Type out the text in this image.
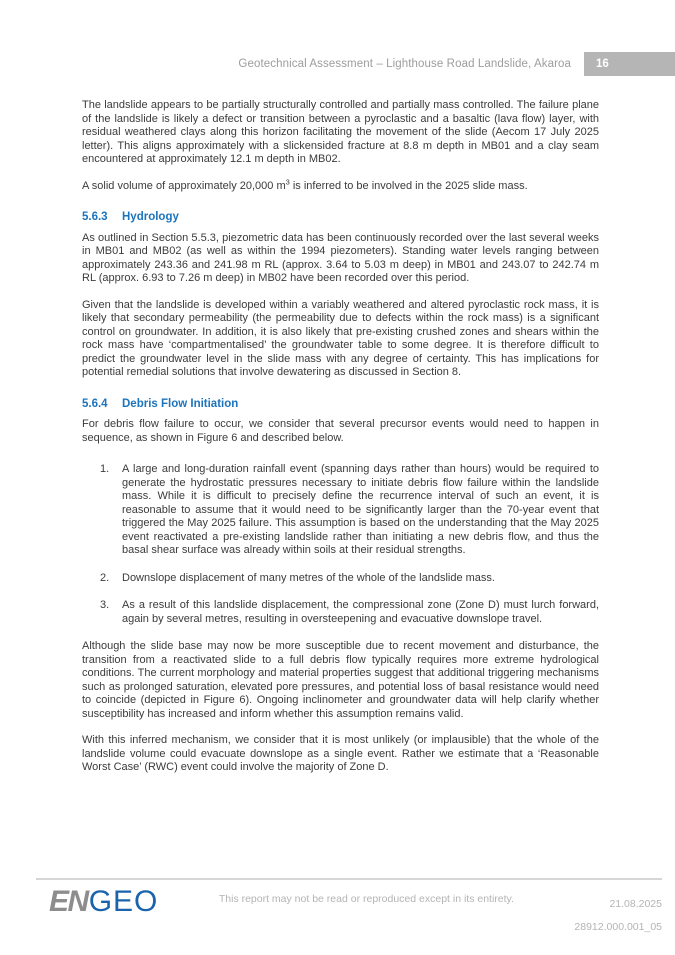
Geotechnical Assessment – Lighthouse Road Landslide, Akaroa	16

The landslide appears to be partially structurally controlled and partially mass controlled. The failure plane of the landslide is likely a defect or transition between a pyroclastic and a basaltic (lava flow) layer, with residual weathered clays along this horizon facilitating the movement of the slide (Aecom 17 July 2025 letter). This aligns approximately with a slickensided fracture at 8.8 m depth in MB01 and a clay seam encountered at approximately 12.1 m depth in MB02.

A solid volume of approximately 20,000 $m^3$ is inferred to be involved in the 2025 slide mass.

5.6.3	Hydrology

As outlined in Section 5.5.3, piezometric data has been continuously recorded over the last several weeks in MB01 and MB02 (as well as within the 1994 piezometers). Standing water levels ranging between approximately 243.36 and 241.98 m RL (approx. 3.64 to 5.03 m deep) in MB01 and 243.07 to 242.74 m RL (approx. 6.93 to 7.26 m deep) in MB02 have been recorded over this period.

Given that the landslide is developed within a variably weathered and altered pyroclastic rock mass, it is likely that secondary permeability (the permeability due to defects within the rock mass) is a significant control on groundwater. In addition, it is also likely that pre-existing crushed zones and shears within the rock mass have ‘compartmentalised’ the groundwater table to some degree. It is therefore difficult to predict the groundwater level in the slide mass with any degree of certainty. This has implications for potential remedial solutions that involve dewatering as discussed in Section 8.

5.6.4	Debris Flow Initiation

For debris flow failure to occur, we consider that several precursor events would need to happen in sequence, as shown in Figure 6 and described below.

1.	A large and long-duration rainfall event (spanning days rather than hours) would be required to generate the hydrostatic pressures necessary to initiate debris flow failure within the landslide mass. While it is difficult to precisely define the recurrence interval of such an event, it is reasonable to assume that it would need to be significantly larger than the 70-year event that triggered the May 2025 failure. This assumption is based on the understanding that the May 2025 event reactivated a pre-existing landslide rather than initiating a new debris flow, and thus the basal shear surface was already within soils at their residual strengths.
2.	Downslope displacement of many metres of the whole of the landslide mass.
3.	As a result of this landslide displacement, the compressional zone (Zone D) must lurch forward, again by several metres, resulting in oversteepening and evacuative downslope travel.

Although the slide base may now be more susceptible due to recent movement and disturbance, the transition from a reactivated slide to a full debris flow typically requires more extreme hydrological conditions. The current morphology and material properties suggest that additional triggering mechanisms such as prolonged saturation, elevated pore pressures, and potential loss of basal resistance would need to coincide (depicted in Figure 6). Ongoing inclinometer and groundwater data will help clarify whether susceptibility has increased and inform whether this assumption remains valid.

With this inferred mechanism, we consider that it is most unlikely (or implausible) that the whole of the landslide volume could evacuate downslope as a single event. Rather we estimate that a ‘Reasonable Worst Case’ (RWC) event could involve the majority of Zone D.

ENGEO	This report may not be read or reproduced except in its entirety.	21.08.2025
28912.000.001_05
